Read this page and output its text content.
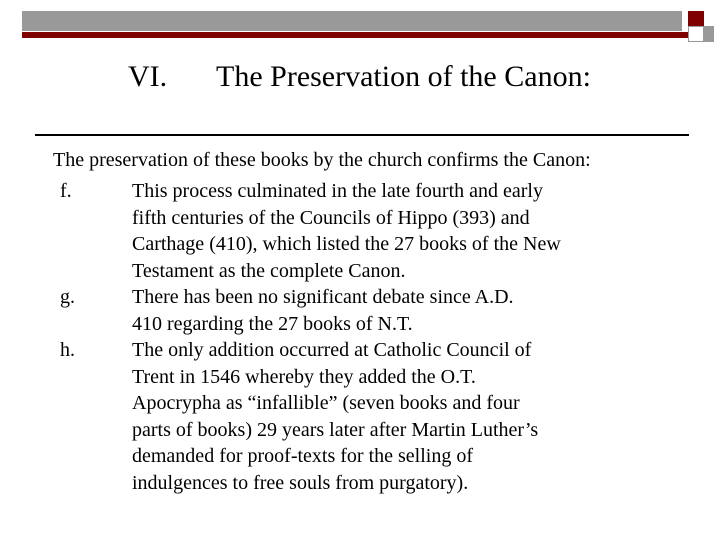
VI. The Preservation of the Canon:
The preservation of these books by the church confirms the Canon:
f.	This process culminated in the late fourth and early
fifth centuries of the Councils of Hippo (393) and
Carthage (410), which listed the 27 books of the New
Testament as the complete Canon.
g.	There has been no significant debate since A.D.
410 regarding the 27 books of N.T.
h.	The only addition occurred at Catholic Council of
Trent in 1546 whereby they added the O.T.
Apocrypha as “infallible” (seven books and four
parts of books) 29 years later after Martin Luther’s
demanded for proof-texts for the selling of
indulgences to free souls from purgatory).
